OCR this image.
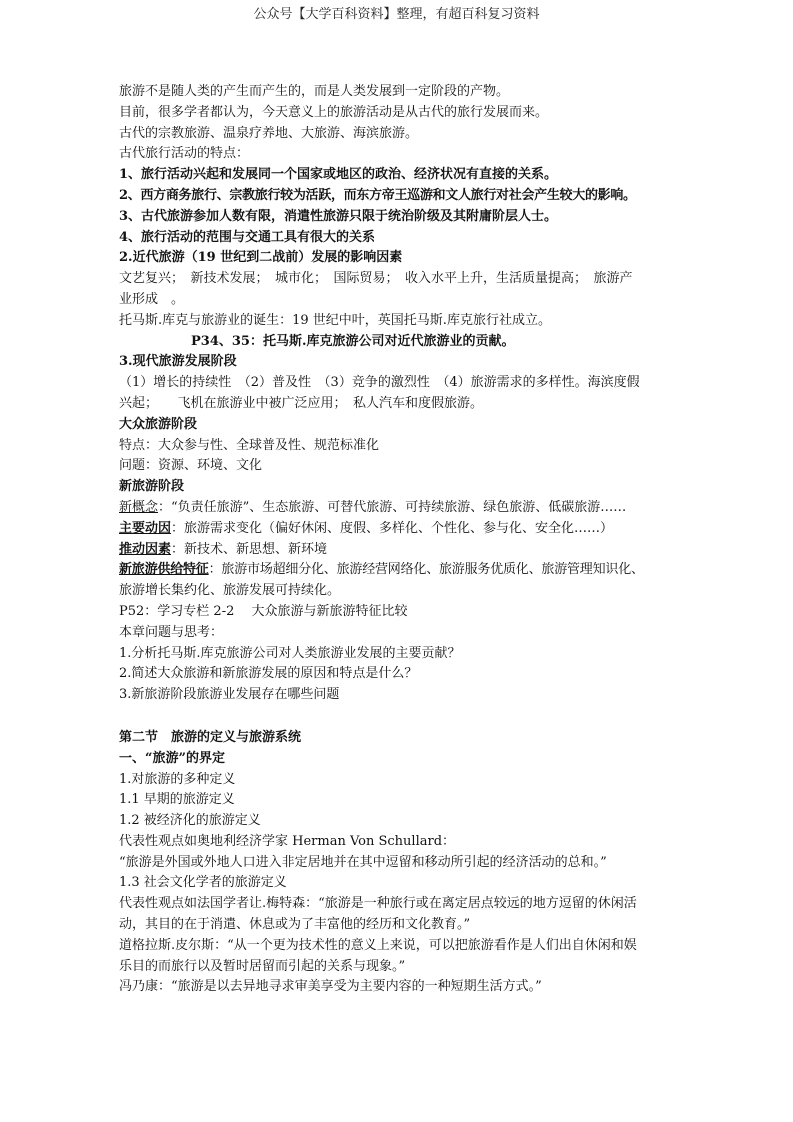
公众号【大学百科资料】整理，有超百科复习资料
旅游不是随人类的产生而产生的，而是人类发展到一定阶段的产物。
目前，很多学者都认为，今天意义上的旅游活动是从古代的旅行发展而来。
古代的宗教旅游、温泉疗养地、大旅游、海滨旅游。
古代旅行活动的特点：
1、旅行活动兴起和发展同一个国家或地区的政治、经济状况有直接的关系。
2、西方商务旅行、宗教旅行较为活跃，而东方帝王巡游和文人旅行对社会产生较大的影响。
3、古代旅游参加人数有限，消遣性旅游只限于统治阶级及其附庸阶层人士。
4、旅行活动的范围与交通工具有很大的关系
2.近代旅游（19 世纪到二战前）发展的影响因素
文艺复兴；　新技术发展；　城市化；　国际贸易；　收入水平上升，生活质量提高；　旅游产
业形成　。
托马斯.库克与旅游业的诞生：19 世纪中叶，英国托马斯.库克旅行社成立。
P34、35：托马斯.库克旅游公司对近代旅游业的贡献。
3.现代旅游发展阶段
（1）增长的持续性　（2）普及性　（3）竞争的激烈性　（4）旅游需求的多样性。海滨度假
兴起；　　飞机在旅游业中被广泛应用；　私人汽车和度假旅游。
大众旅游阶段
特点：大众参与性、全球普及性、规范标准化
问题：资源、环境、文化
新旅游阶段
新概念：“负责任旅游”、生态旅游、可替代旅游、可持续旅游、绿色旅游、低碳旅游……
主要动因：旅游需求变化（偏好休闲、度假、多样化、个性化、参与化、安全化……）
推动因素：新技术、新思想、新环境
新旅游供给特征：旅游市场超细分化、旅游经营网络化、旅游服务优质化、旅游管理知识化、
旅游增长集约化、旅游发展可持续化。
P52：学习专栏 2-2　 大众旅游与新旅游特征比较
本章问题与思考：
1.分析托马斯.库克旅游公司对人类旅游业发展的主要贡献？
2.简述大众旅游和新旅游发展的原因和特点是什么？
3.新旅游阶段旅游业发展存在哪些问题
第二节　旅游的定义与旅游系统
一、“旅游”的界定
1.对旅游的多种定义
1.1 早期的旅游定义
1.2 被经济化的旅游定义
代表性观点如奥地利经济学家 Herman Von Schullard：
“旅游是外国或外地人口进入非定居地并在其中逗留和移动所引起的经济活动的总和。”
1.3 社会文化学者的旅游定义
代表性观点如法国学者让.梅特森：“旅游是一种旅行或在离定居点较远的地方逗留的休闲活
动，其目的在于消遣、休息或为了丰富他的经历和文化教育。”
道格拉斯.皮尔斯：“从一个更为技术性的意义上来说，可以把旅游看作是人们出自休闲和娱
乐目的而旅行以及暂时居留而引起的关系与现象。”
冯乃康：“旅游是以去异地寻求审美享受为主要内容的一种短期生活方式。”
